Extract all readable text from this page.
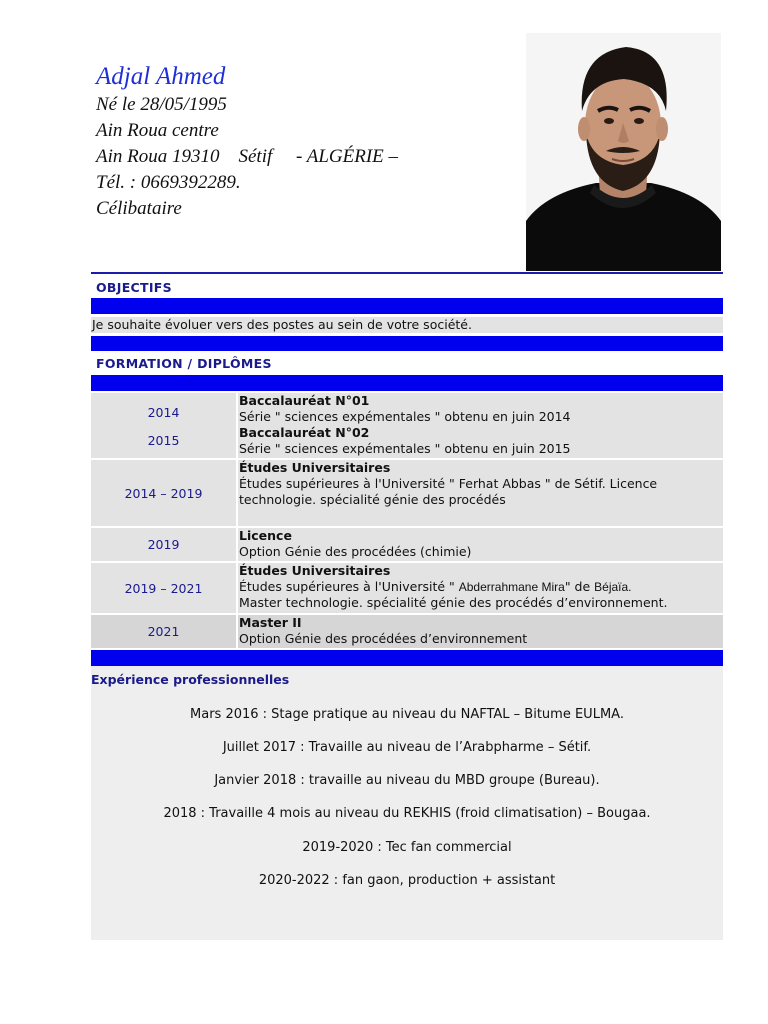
Adjal Ahmed
Né le 28/05/1995
Ain Roua centre
Ain Roua 19310    Sétif     - ALGÉRIE –
Tél. : 0669392289.
Célibataire
OBJECTIFS
Je souhaite évoluer vers des postes au sein de votre société.
FORMATION / DIPLÔMES
2014
2015
Baccalauréat N°01
Série " sciences expémentales " obtenu en juin 2014
Baccalauréat N°02
Série " sciences expémentales " obtenu en juin 2015
2014 – 2019
Études Universitaires
Études supérieures à l'Université " Ferhat Abbas " de Sétif. Licence
technologie. spécialité génie des procédés
2019
Licence
Option Génie des procédées (chimie)
2019 – 2021
Études Universitaires
Études supérieures à l'Université " Abderrahmane Mira" de Béjaïa.
Master technologie. spécialité génie des procédés d’environnement.
2021
Master II
Option Génie des procédées d’environnement
Expérience professionnelles
Mars 2016 : Stage pratique au niveau du NAFTAL – Bitume EULMA.
Juillet 2017 : Travaille au niveau de l’Arabpharme – Sétif.
Janvier 2018 : travaille au niveau du MBD groupe (Bureau).
2018 : Travaille 4 mois au niveau du REKHIS (froid climatisation) – Bougaa.
2019-2020 : Tec fan commercial
2020-2022 : fan gaon, production + assistant
